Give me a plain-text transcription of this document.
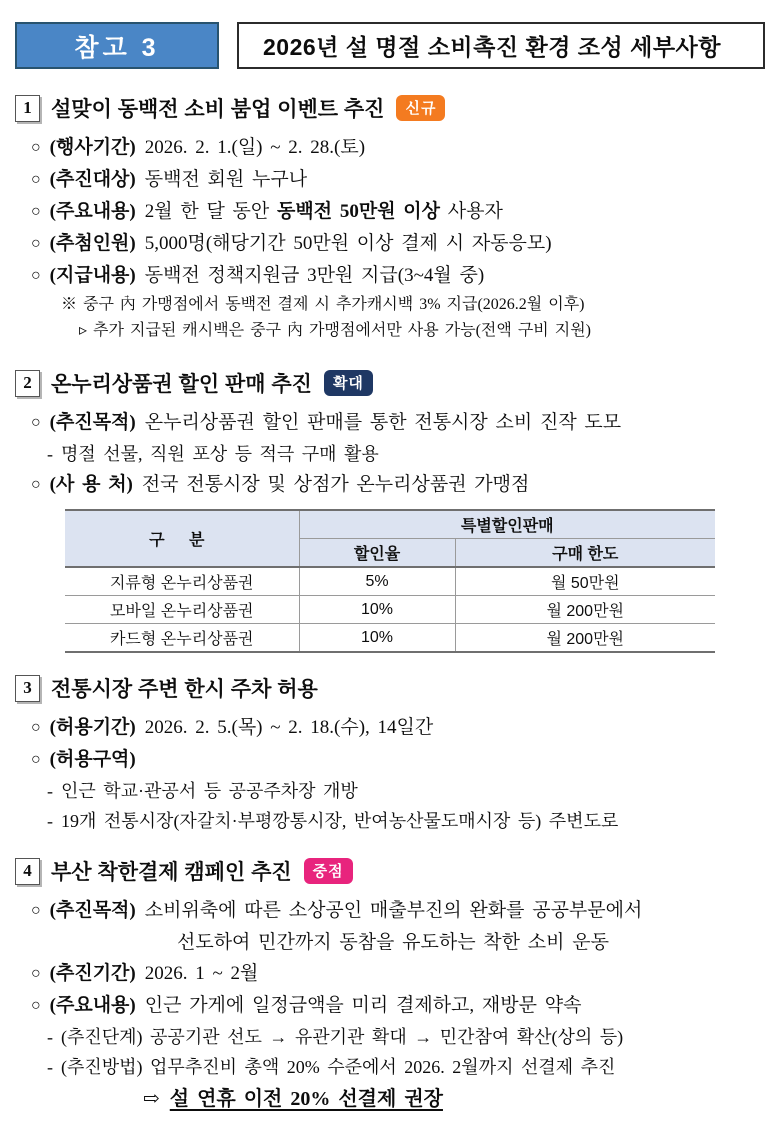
참고 3	2026년 설 명절 소비촉진 환경 조성 세부사항
1 설맞이 동백전 소비 붐업 이벤트 추진	신규
○ (행사기간) 2026. 2. 1.(일) ~ 2. 28.(토)
○ (추진대상) 동백전 회원 누구나
○ (주요내용) 2월 한 달 동안 동백전 50만원 이상 사용자
○ (추첨인원) 5,000명(해당기간 50만원 이상 결제 시 자동응모)
○ (지급내용) 동백전 정책지원금 3만원 지급(3~4월 중)
※ 중구 內 가맹점에서 동백전 결제 시 추가캐시백 3% 지급(2026.2월 이후)
▹ 추가 지급된 캐시백은 중구 內 가맹점에서만 사용 가능(전액 구비 지원)
2 온누리상품권 할인 판매 추진	확대
○ (추진목적) 온누리상품권 할인 판매를 통한 전통시장 소비 진작 도모
- 명절 선물, 직원 포상 등 적극 구매 활용
○ (사 용 처) 전국 전통시장 및 상점가 온누리상품권 가맹점
구 분	특별할인판매	
	할인율	구매 한도
지류형 온누리상품권	5%	월 50만원
모바일 온누리상품권	10%	월 200만원
카드형 온누리상품권	10%	월 200만원
3 전통시장 주변 한시 주차 허용
○ (허용기간) 2026. 2. 5.(목) ~ 2. 18.(수), 14일간
○ (허용구역)
- 인근 학교·관공서 등 공공주차장 개방
- 19개 전통시장(자갈치·부평깡통시장, 반여농산물도매시장 등) 주변도로
4 부산 착한결제 캠페인 추진	중점
○ (추진목적) 소비위축에 따른 소상공인 매출부진의 완화를 공공부문에서
선도하여 민간까지 동참을 유도하는 착한 소비 운동
○ (추진기간) 2026. 1 ~ 2월
○ (주요내용) 인근 가게에 일정금액을 미리 결제하고, 재방문 약속
- (추진단계) 공공기관 선도 → 유관기관 확대 → 민간참여 확산(상의 등)
- (추진방법) 업무추진비 총액 20% 수준에서 2026. 2월까지 선결제 추진
⇨ 설 연휴 이전 20% 선결제 권장
